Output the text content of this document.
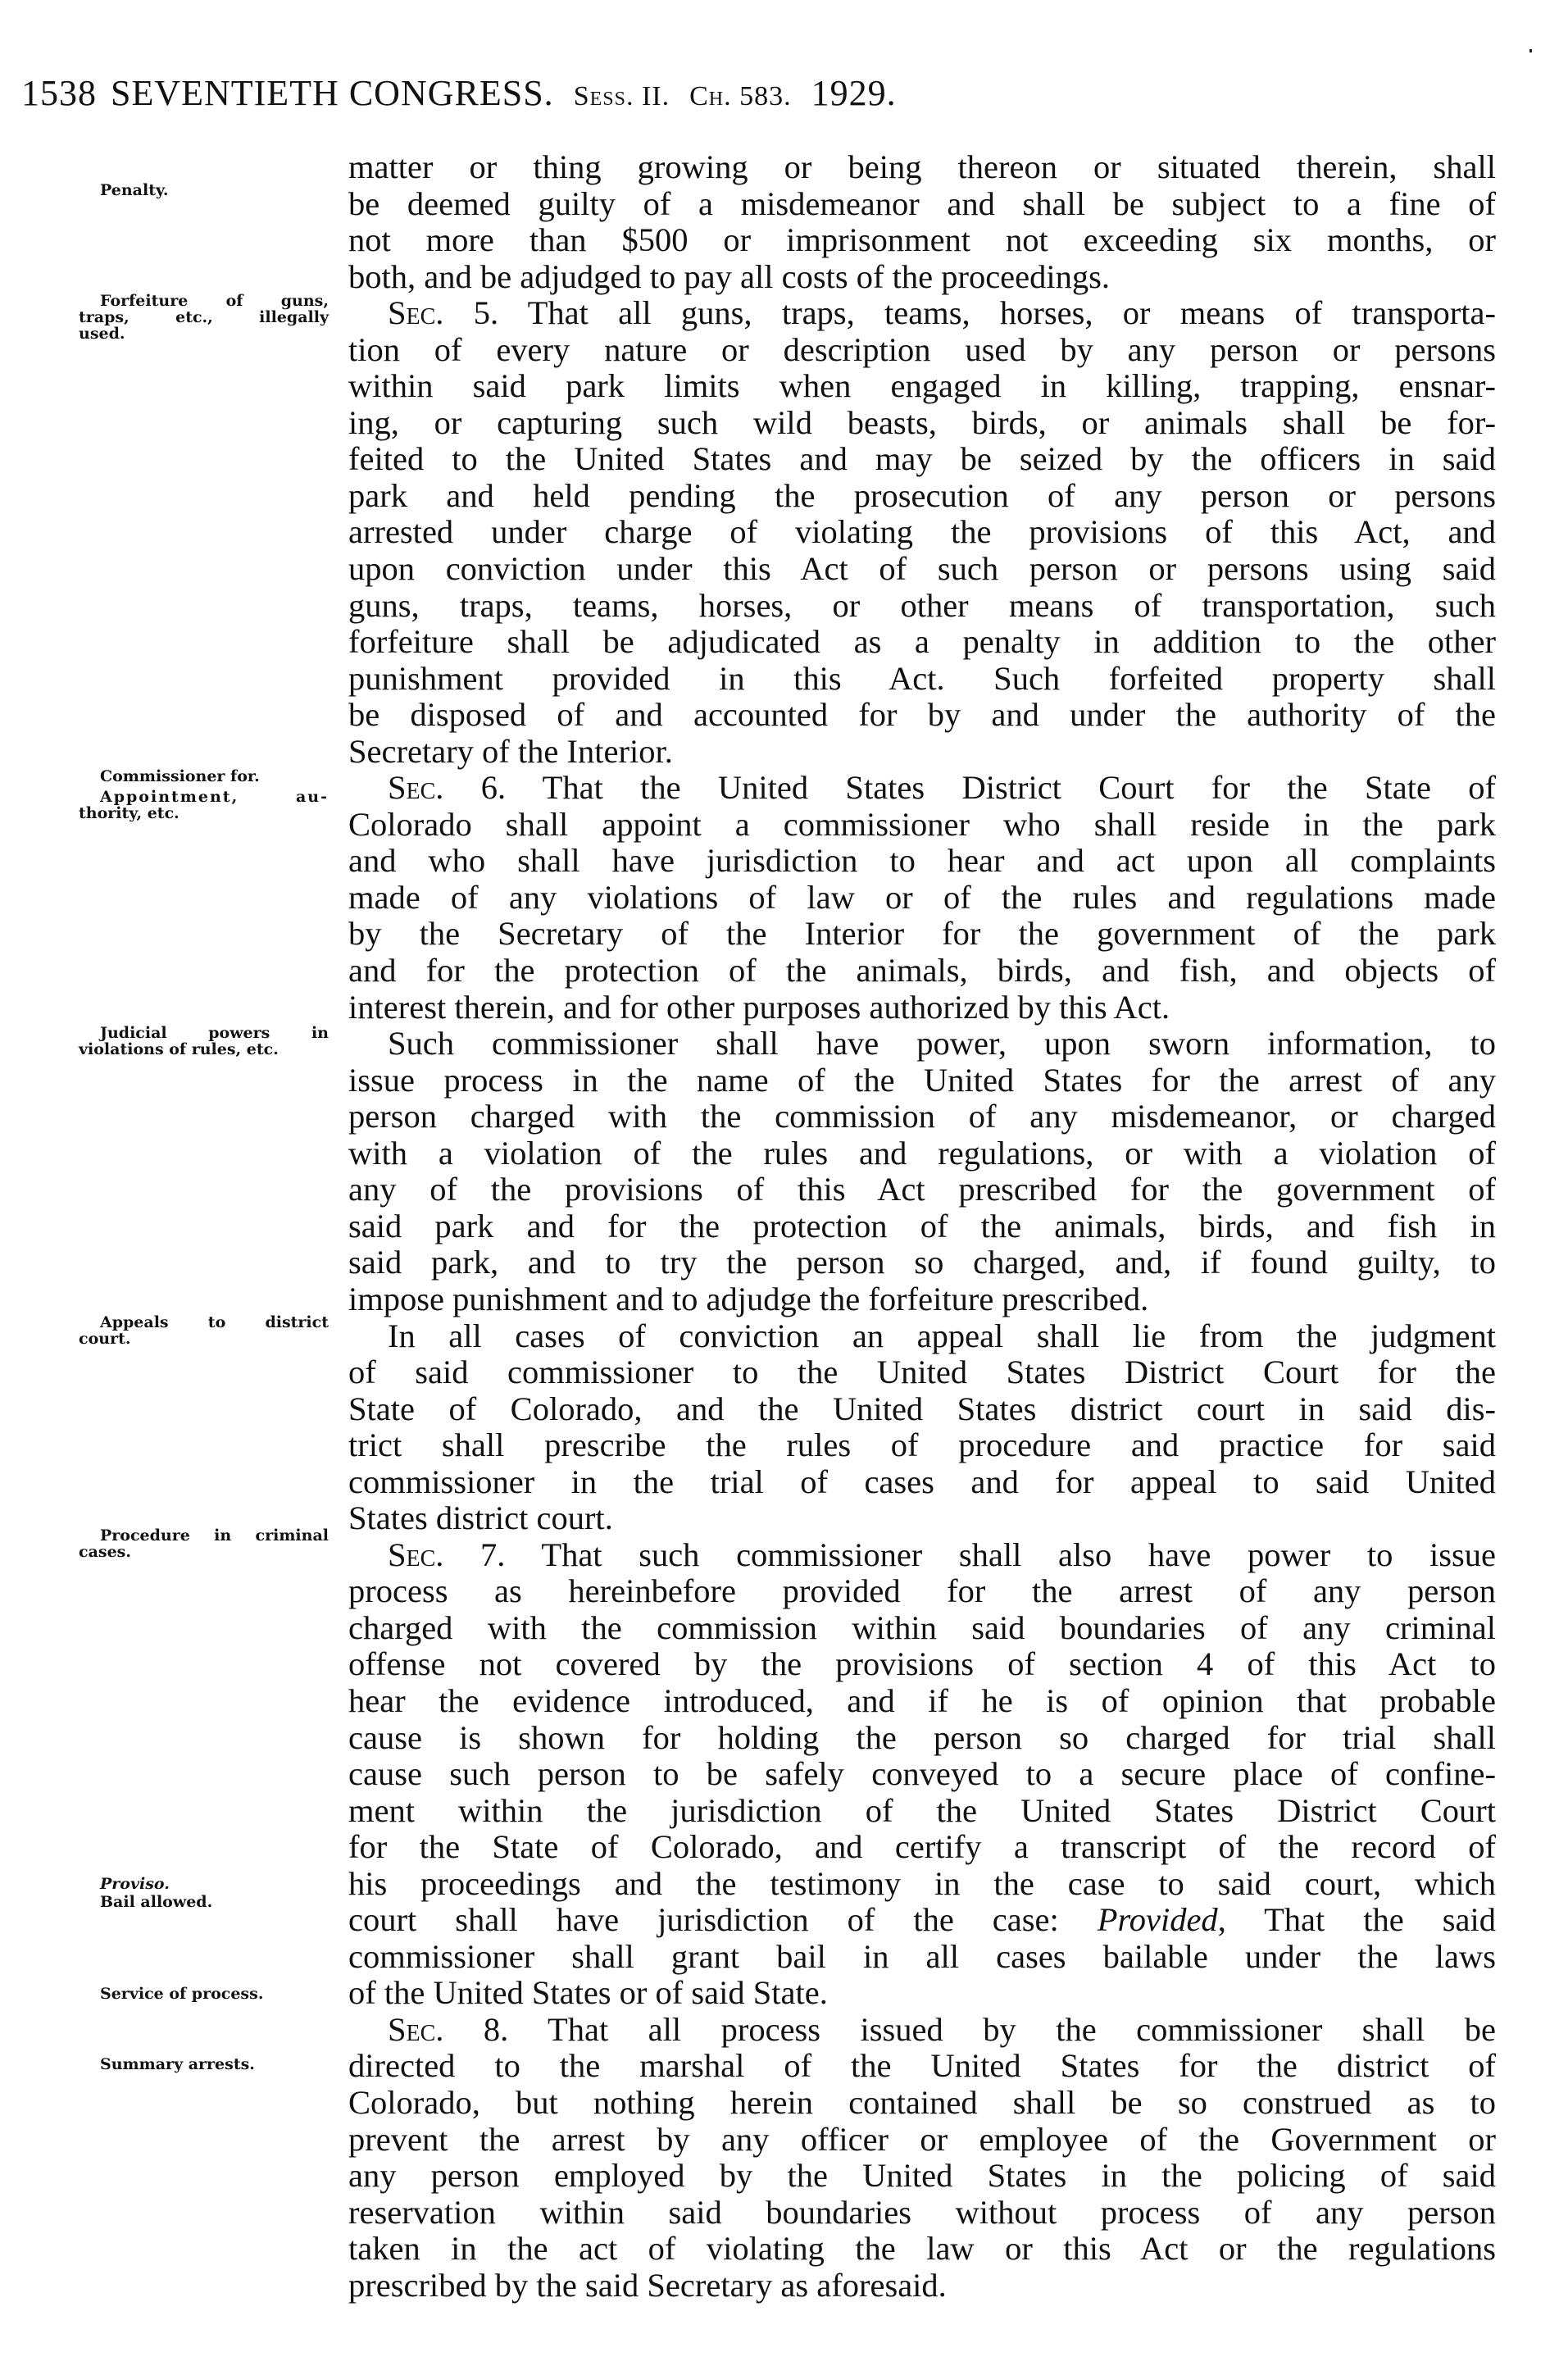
1538 SEVENTIETH CONGRESS. Sess. II. Ch. 583. 1929.
Penalty.
Forfeiture of guns,
traps, etc., illegally
used.
Commissioner for.
Appointment, au-
thority, etc.
Judicial powers in
violations of rules, etc.
Appeals to district
court.
Procedure in criminal
cases.
Proviso.
Bail allowed.
Service of process.
Summary arrests.
matter or thing growing or being thereon or situated therein, shall
be deemed guilty of a misdemeanor and shall be subject to a fine of
not more than $500 or imprisonment not exceeding six months, or
both, and be adjudged to pay all costs of the proceedings.
Sec. 5. That all guns, traps, teams, horses, or means of transporta-
tion of every nature or description used by any person or persons
within said park limits when engaged in killing, trapping, ensnar-
ing, or capturing such wild beasts, birds, or animals shall be for-
feited to the United States and may be seized by the officers in said
park and held pending the prosecution of any person or persons
arrested under charge of violating the provisions of this Act, and
upon conviction under this Act of such person or persons using said
guns, traps, teams, horses, or other means of transportation, such
forfeiture shall be adjudicated as a penalty in addition to the other
punishment provided in this Act. Such forfeited property shall
be disposed of and accounted for by and under the authority of the
Secretary of the Interior.
Sec. 6. That the United States District Court for the State of
Colorado shall appoint a commissioner who shall reside in the park
and who shall have jurisdiction to hear and act upon all complaints
made of any violations of law or of the rules and regulations made
by the Secretary of the Interior for the government of the park
and for the protection of the animals, birds, and fish, and objects of
interest therein, and for other purposes authorized by this Act.
Such commissioner shall have power, upon sworn information, to
issue process in the name of the United States for the arrest of any
person charged with the commission of any misdemeanor, or charged
with a violation of the rules and regulations, or with a violation of
any of the provisions of this Act prescribed for the government of
said park and for the protection of the animals, birds, and fish in
said park, and to try the person so charged, and, if found guilty, to
impose punishment and to adjudge the forfeiture prescribed.
In all cases of conviction an appeal shall lie from the judgment
of said commissioner to the United States District Court for the
State of Colorado, and the United States district court in said dis-
trict shall prescribe the rules of procedure and practice for said
commissioner in the trial of cases and for appeal to said United
States district court.
Sec. 7. That such commissioner shall also have power to issue
process as hereinbefore provided for the arrest of any person
charged with the commission within said boundaries of any criminal
offense not covered by the provisions of section 4 of this Act to
hear the evidence introduced, and if he is of opinion that probable
cause is shown for holding the person so charged for trial shall
cause such person to be safely conveyed to a secure place of confine-
ment within the jurisdiction of the United States District Court
for the State of Colorado, and certify a transcript of the record of
his proceedings and the testimony in the case to said court, which
court shall have jurisdiction of the case: Provided, That the said
commissioner shall grant bail in all cases bailable under the laws
of the United States or of said State.
Sec. 8. That all process issued by the commissioner shall be
directed to the marshal of the United States for the district of
Colorado, but nothing herein contained shall be so construed as to
prevent the arrest by any officer or employee of the Government or
any person employed by the United States in the policing of said
reservation within said boundaries without process of any person
taken in the act of violating the law or this Act or the regulations
prescribed by the said Secretary as aforesaid.
